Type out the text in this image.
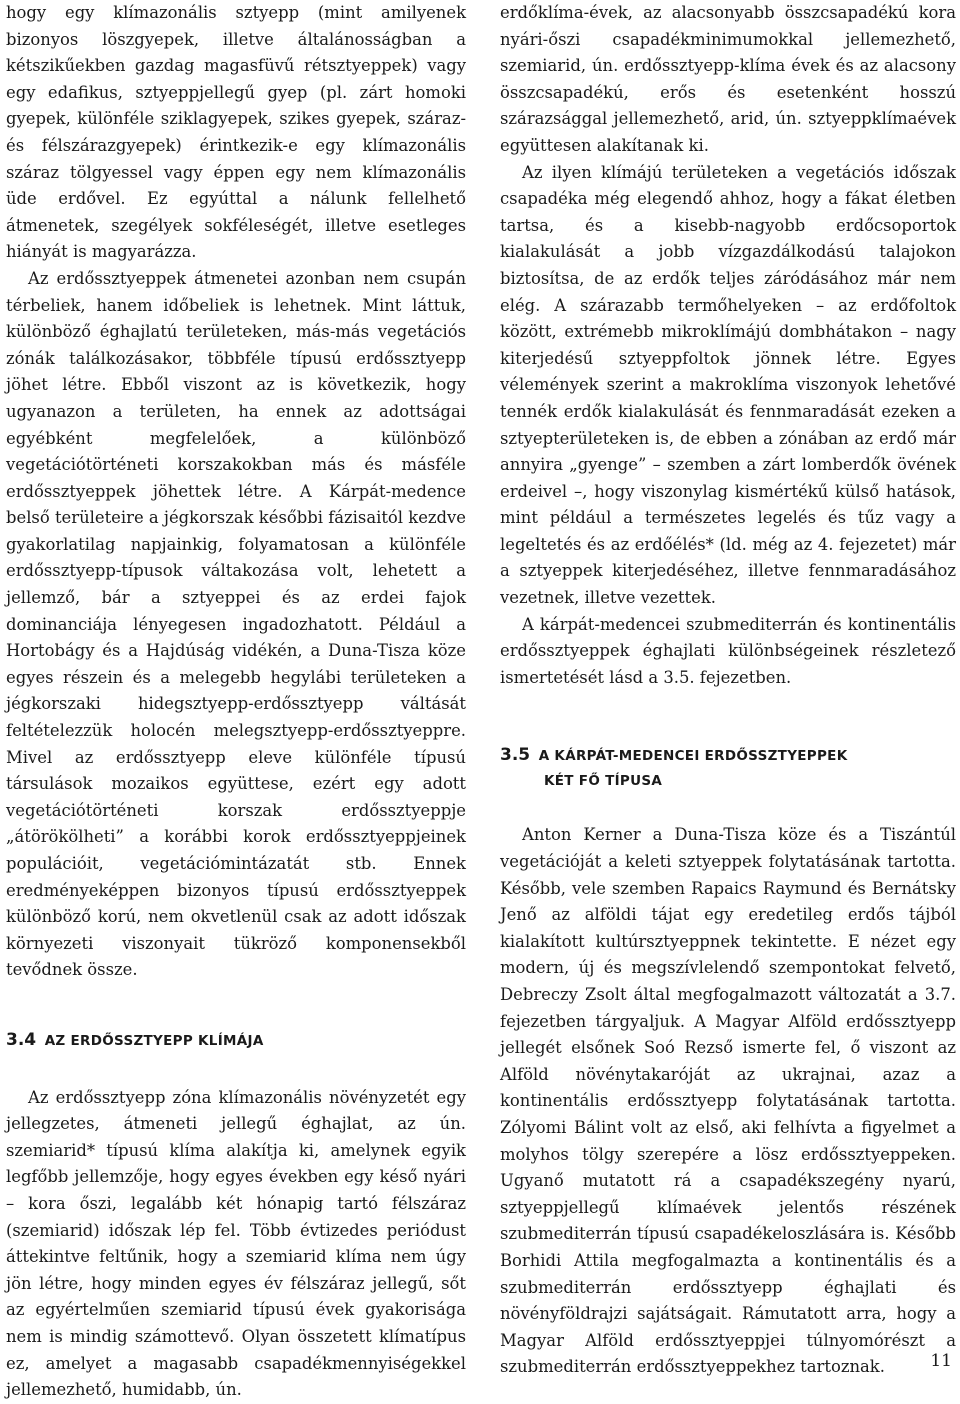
hogy egy klímazonális sztyepp (mint amilyenek bizonyos löszgyepek, illetve általánosságban a kétszikűekben gazdag magasfüvű rétsztyeppek) vagy egy edafikus, sztyeppjellegű gyep (pl. zárt homoki gyepek, különféle sziklagyepek, szikes gyepek, száraz- és félszárazgyepek) érintkezik-e egy klímazonális száraz tölgyessel vagy éppen egy nem klímazonális üde erdővel. Ez egyúttal a nálunk fellelhető átmenetek, szegélyek sokféleségét, illetve esetleges hiányát is magyarázza.

Az erdőssztyeppek átmenetei azonban nem csupán térbeliek, hanem időbeliek is lehetnek. Mint láttuk, különböző éghajlatú területeken, más-más vegetációs zónák találkozásakor, többféle típusú erdőssztyepp jöhet létre. Ebből viszont az is következik, hogy ugyanazon a területen, ha ennek az adottságai egyébként megfelelőek, a különböző vegetációtörténeti korszakokban más és másféle erdőssztyeppek jöhettek létre. A Kárpát-medence belső területeire a jégkorszak későbbi fázisaitól kezdve gyakorlatilag napjainkig, folyamatosan a különféle erdőssztyepp-típusok váltakozása volt, lehetett a jellemző, bár a sztyeppei és az erdei fajok dominanciája lényegesen ingadozhatott. Például a Hortobágy és a Hajdúság vidékén, a Duna-Tisza köze egyes részein és a melegebb hegylábi területeken a jégkorszaki hidegsztyepp-erdőssztyepp váltását feltételezzük holocén melegsztyepp-erdőssztyeppre. Mivel az erdőssztyepp eleve különféle típusú társulások mozaikos együttese, ezért egy adott vegetációtörténeti korszak erdőssztyeppje „átörökölheti” a korábbi korok erdőssztyeppjeinek populációit, vegetációmintázatát stb. Ennek eredményeképpen bizonyos típusú erdőssztyeppek különböző korú, nem okvetlenül csak az adott időszak környezeti viszonyait tükröző komponensekből tevődnek össze.

3.4 AZ ERDŐSSZTYEPP KLÍMÁJA

Az erdőssztyepp zóna klímazonális növényzetét egy jellegzetes, átmeneti jellegű éghajlat, az ún. szemiarid* típusú klíma alakítja ki, amelynek egyik legfőbb jellemzője, hogy egyes években egy késő nyári – kora őszi, legalább két hónapig tartó félszáraz (szemiarid) időszak lép fel. Több évtizedes periódust áttekintve feltűnik, hogy a szemiarid klíma nem úgy jön létre, hogy minden egyes év félszáraz jellegű, sőt az egyértelműen szemiarid típusú évek gyakorisága nem is mindig számottevő. Olyan összetett klímatípus ez, amelyet a magasabb csapadékmennyiségekkel jellemezhető, humidabb, ún.

erdőklíma-évek, az alacsonyabb összcsapadékú kora nyári-őszi csapadékminimumokkal jellemezhető, szemiarid, ún. erdőssztyepp-klíma évek és az alacsony összcsapadékú, erős és esetenként hosszú szárazsággal jellemezhető, arid, ún. sztyeppklímaévek együttesen alakítanak ki.

Az ilyen klímájú területeken a vegetációs időszak csapadéka még elegendő ahhoz, hogy a fákat életben tartsa, és a kisebb-nagyobb erdőcsoportok kialakulását a jobb vízgazdálkodású talajokon biztosítsa, de az erdők teljes záródásához már nem elég. A szárazabb termőhelyeken – az erdőfoltok között, extrémebb mikroklímájú dombhátakon – nagy kiterjedésű sztyeppfoltok jönnek létre. Egyes vélemények szerint a makroklíma viszonyok lehetővé tennék erdők kialakulását és fennmaradását ezeken a sztyepterületeken is, de ebben a zónában az erdő már annyira „gyenge” – szemben a zárt lomberdők övének erdeivel –, hogy viszonylag kismértékű külső hatások, mint például a természetes legelés és tűz vagy a legeltetés és az erdőélés* (ld. még az 4. fejezetet) már a sztyeppek kiterjedéséhez, illetve fennmaradásához vezetnek, illetve vezettek.

A kárpát-medencei szubmediterrán és kontinentális erdőssztyeppek éghajlati különbségeinek részletező ismertetését lásd a 3.5. fejezetben.

3.5 A KÁRPÁT-MEDENCEI ERDŐSSZTYEPPEK
KÉT FŐ TÍPUSA

Anton Kerner a Duna-Tisza köze és a Tiszántúl vegetációját a keleti sztyeppek folytatásának tartotta. Később, vele szemben Rapaics Raymund és Bernátsky Jenő az alföldi tájat egy eredetileg erdős tájból kialakított kultúrsztyeppnek tekintette. E nézet egy modern, új és megszívlelendő szempontokat felvető, Debreczy Zsolt által megfogalmazott változatát a 3.7. fejezetben tárgyaljuk. A Magyar Alföld erdőssztyepp jellegét elsőnek Soó Rezső ismerte fel, ő viszont az Alföld növénytakaróját az ukrajnai, azaz a kontinentális erdőssztyepp folytatásának tartotta. Zólyomi Bálint volt az első, aki felhívta a figyelmet a molyhos tölgy szerepére a lösz erdőssztyeppeken. Ugyanő mutatott rá a csapadékszegény nyarú, sztyeppjellegű klímaévek jelentős részének szubmediterrán típusú csapadékeloszlására is. Később Borhidi Attila megfogalmazta a kontinentális és a szubmediterrán erdőssztyepp éghajlati és növényföldrajzi sajátságait. Rámutatott arra, hogy a Magyar Alföld erdőssztyeppjei túlnyomórészt a szubmediterrán erdőssztyeppekhez tartoznak.	11
